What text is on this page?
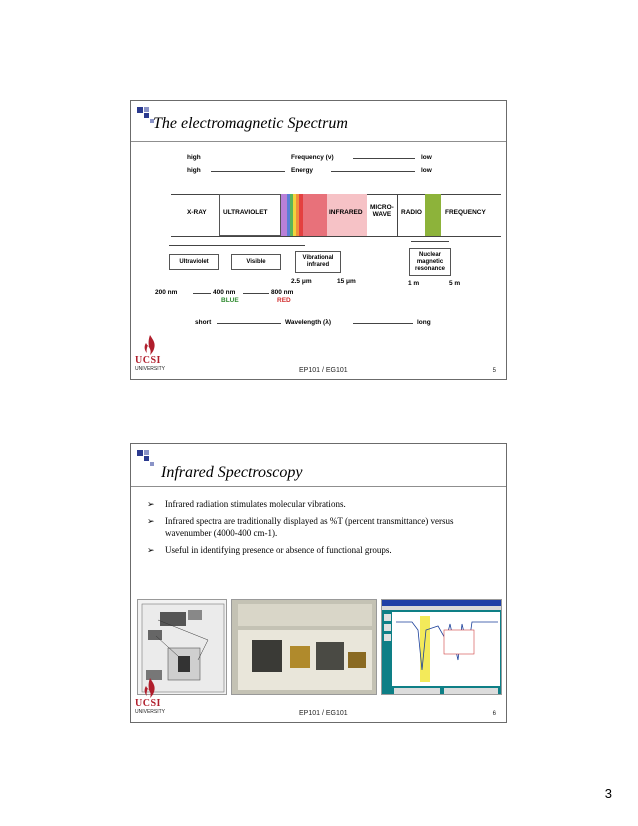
The electromagnetic Spectrum
high	Frequency (ν)	low
high	Energy	low
X-RAY	ULTRAVIOLET	INFRARED
MICRO-
WAVE	RADIO	FREQUENCY
Ultraviolet	Visible
Vibrational
infrared
Nuclear
magnetic
resonance
200 nm	400 nm	800 nm
BLUE	RED
2.5 μm	15 μm	1 m	5 m
short	Wavelength (λ)	long
UCSI
UNIVERSITY	EP101 / EG101	5
Infrared Spectroscopy
➢ Infrared radiation stimulates molecular vibrations.
➢ Infrared spectra are traditionally displayed as %T (percent transmittance) versus wavenumber (4000-400 cm-1).
➢ Useful in identifying presence or absence of functional groups.
UCSI
UNIVERSITY	EP101 / EG101	6
3
